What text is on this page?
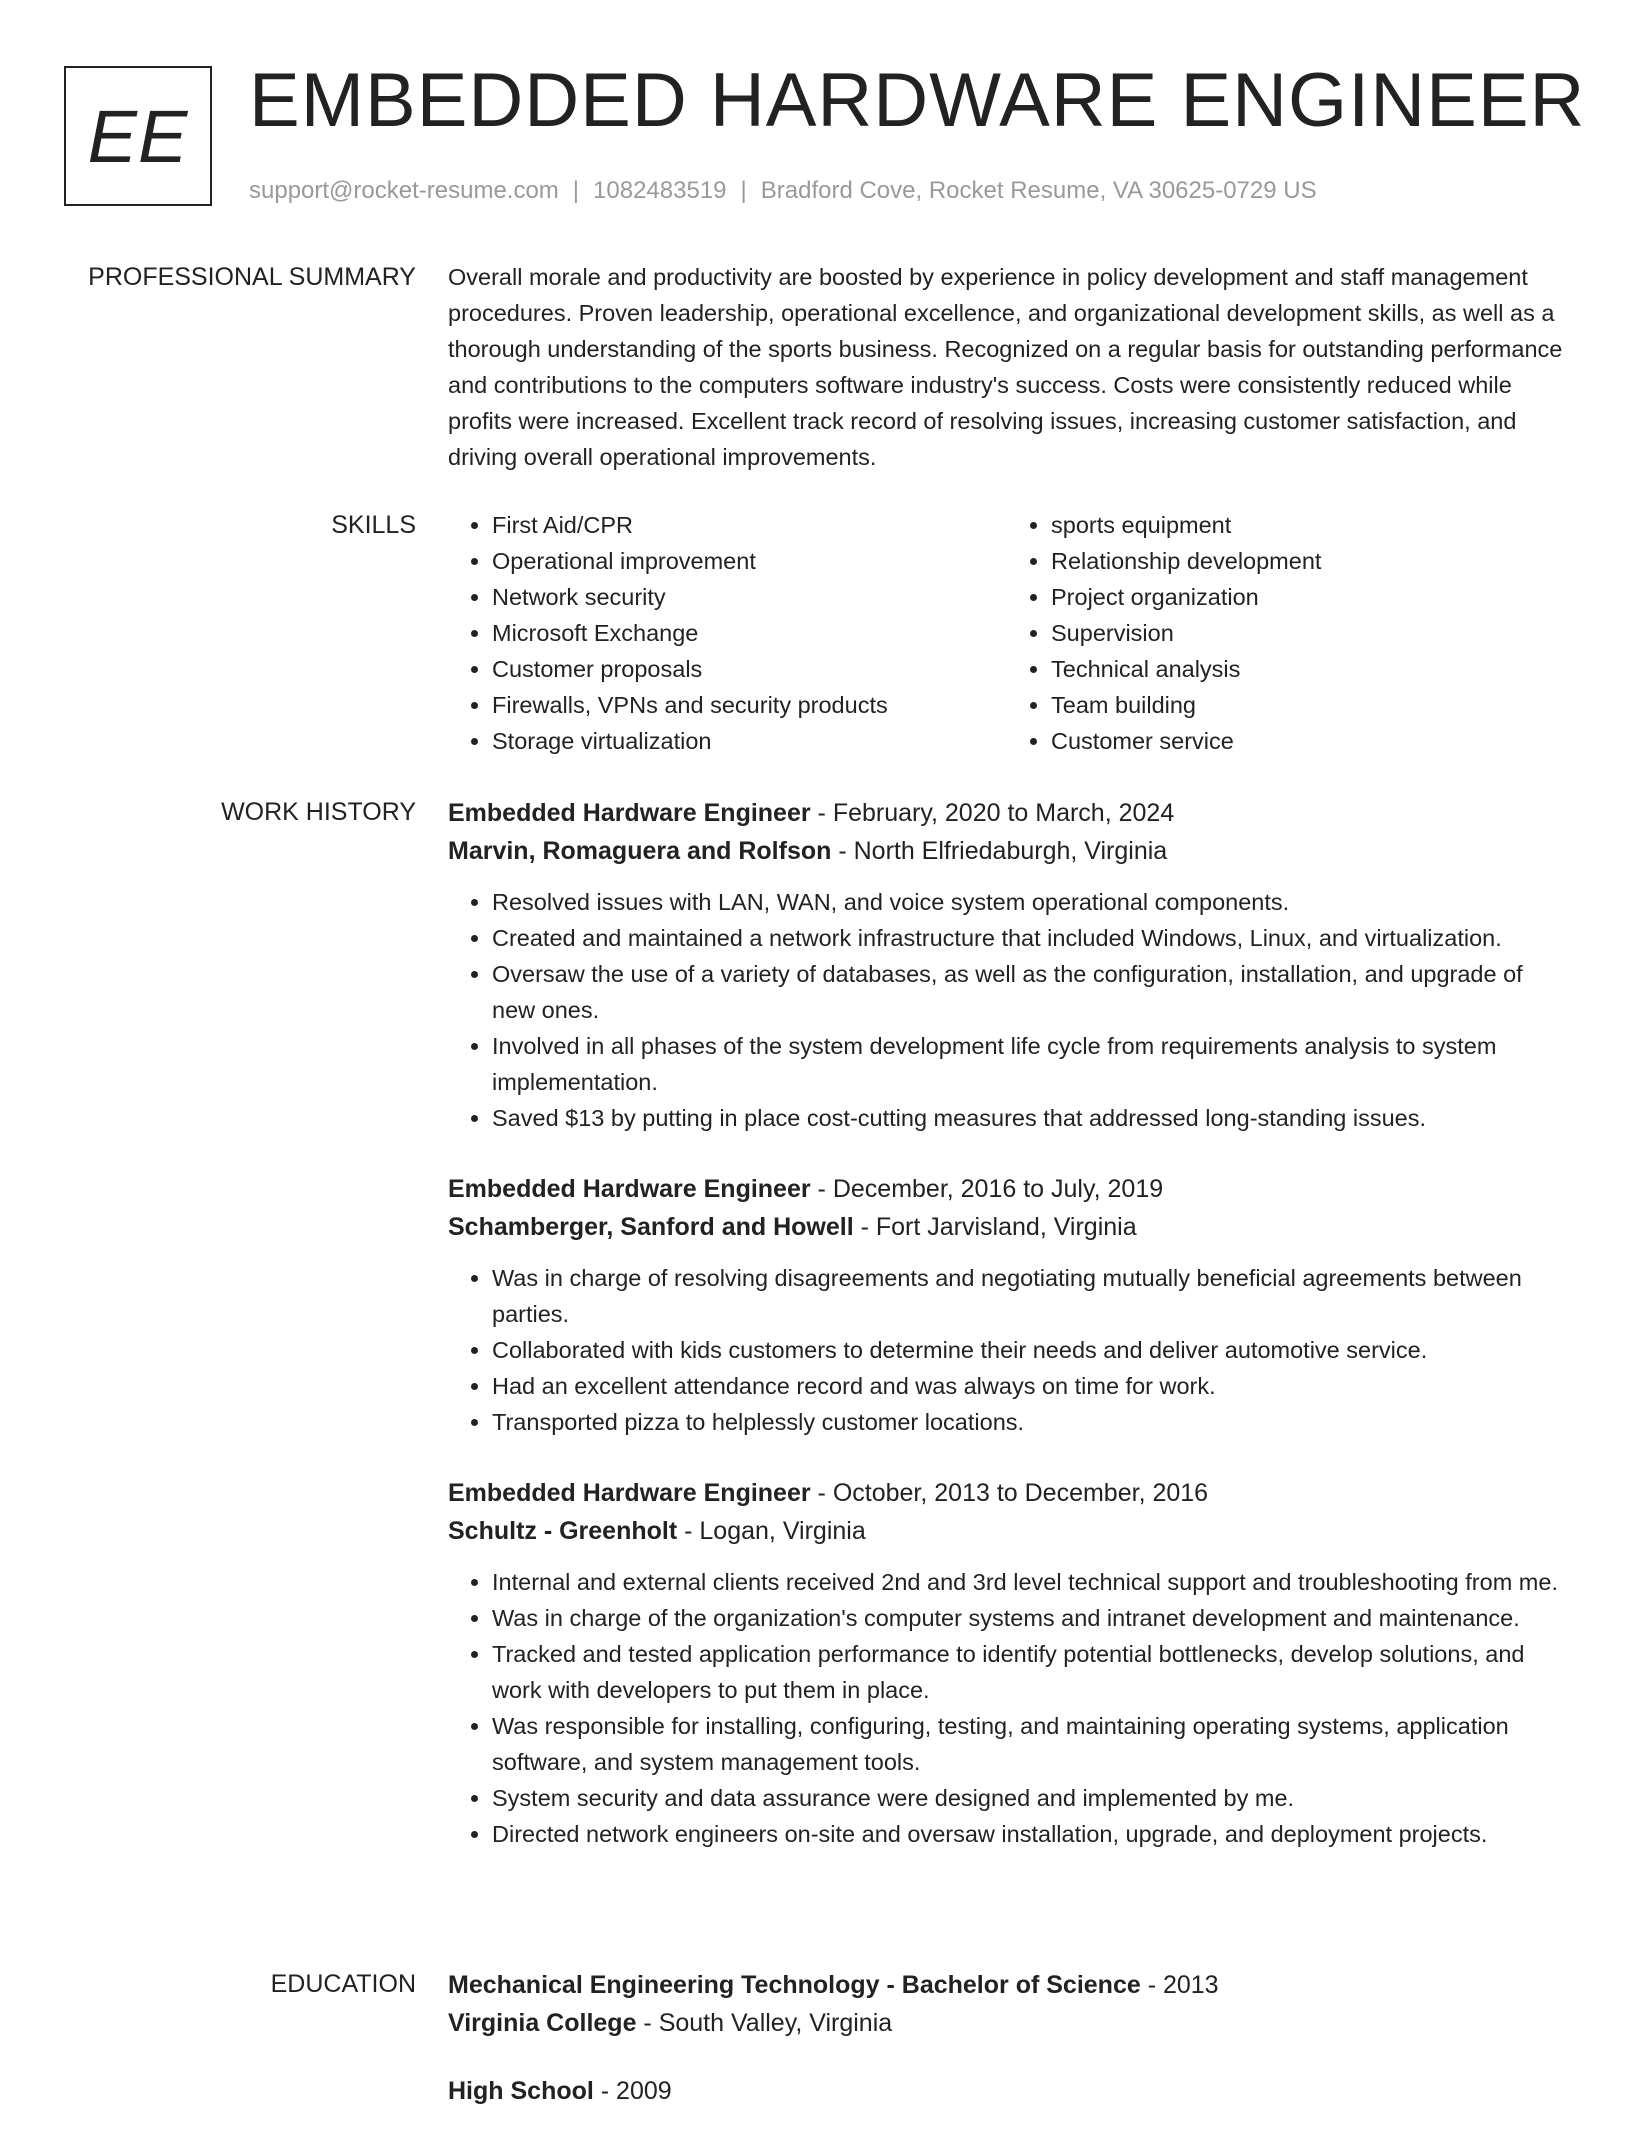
EE EMBEDDED HARDWARE ENGINEER
support@rocket-resume.com | 1082483519 | Bradford Cove, Rocket Resume, VA 30625-0729 US
PROFESSIONAL SUMMARY Overall morale and productivity are boosted by experience in policy development and staff management procedures. Proven leadership, operational excellence, and organizational development skills, as well as a thorough understanding of the sports business. Recognized on a regular basis for outstanding performance and contributions to the computers software industry's success. Costs were consistently reduced while profits were increased. Excellent track record of resolving issues, increasing customer satisfaction, and driving overall operational improvements.

SKILLS
•	First Aid/CPR
• Operational improvement
• Network security
• Microsoft Exchange
• Customer proposals
• Firewalls, VPNs and security products
• Storage virtualization
• sports equipment
• Relationship development
• Project organization
• Supervision
• Technical analysis
• Team building
• Customer service
WORK HISTORY Embedded Hardware Engineer - February, 2020 to March, 2024
Marvin, Romaguera and Rolfson - North Elfriedaburgh, Virginia
• Resolved issues with LAN, WAN, and voice system operational components.
• Created and maintained a network infrastructure that included Windows, Linux, and virtualization.
• Oversaw the use of a variety of databases, as well as the configuration, installation, and upgrade of new ones.
• Involved in all phases of the system development life cycle from requirements analysis to system implementation.
• Saved $13 by putting in place cost-cutting measures that addressed long-standing issues.
Embedded Hardware Engineer - December, 2016 to July, 2019
Schamberger, Sanford and Howell - Fort Jarvisland, Virginia
• Was in charge of resolving disagreements and negotiating mutually beneficial agreements between parties.
• Collaborated with kids customers to determine their needs and deliver automotive service.
• Had an excellent attendance record and was always on time for work.
• Transported pizza to helplessly customer locations.
Embedded Hardware Engineer - October, 2013 to December, 2016
Schultz - Greenholt - Logan, Virginia
• Internal and external clients received 2nd and 3rd level technical support and troubleshooting from me.
• Was in charge of the organization's computer systems and intranet development and maintenance.
• Tracked and tested application performance to identify potential bottlenecks, develop solutions, and work with developers to put them in place.
• Was responsible for installing, configuring, testing, and maintaining operating systems, application software, and system management tools.
• System security and data assurance were designed and implemented by me.
• Directed network engineers on-site and oversaw installation, upgrade, and deployment projects.
EDUCATION Mechanical Engineering Technology - Bachelor of Science - 2013
Virginia College - South Valley, Virginia
High School - 2009
